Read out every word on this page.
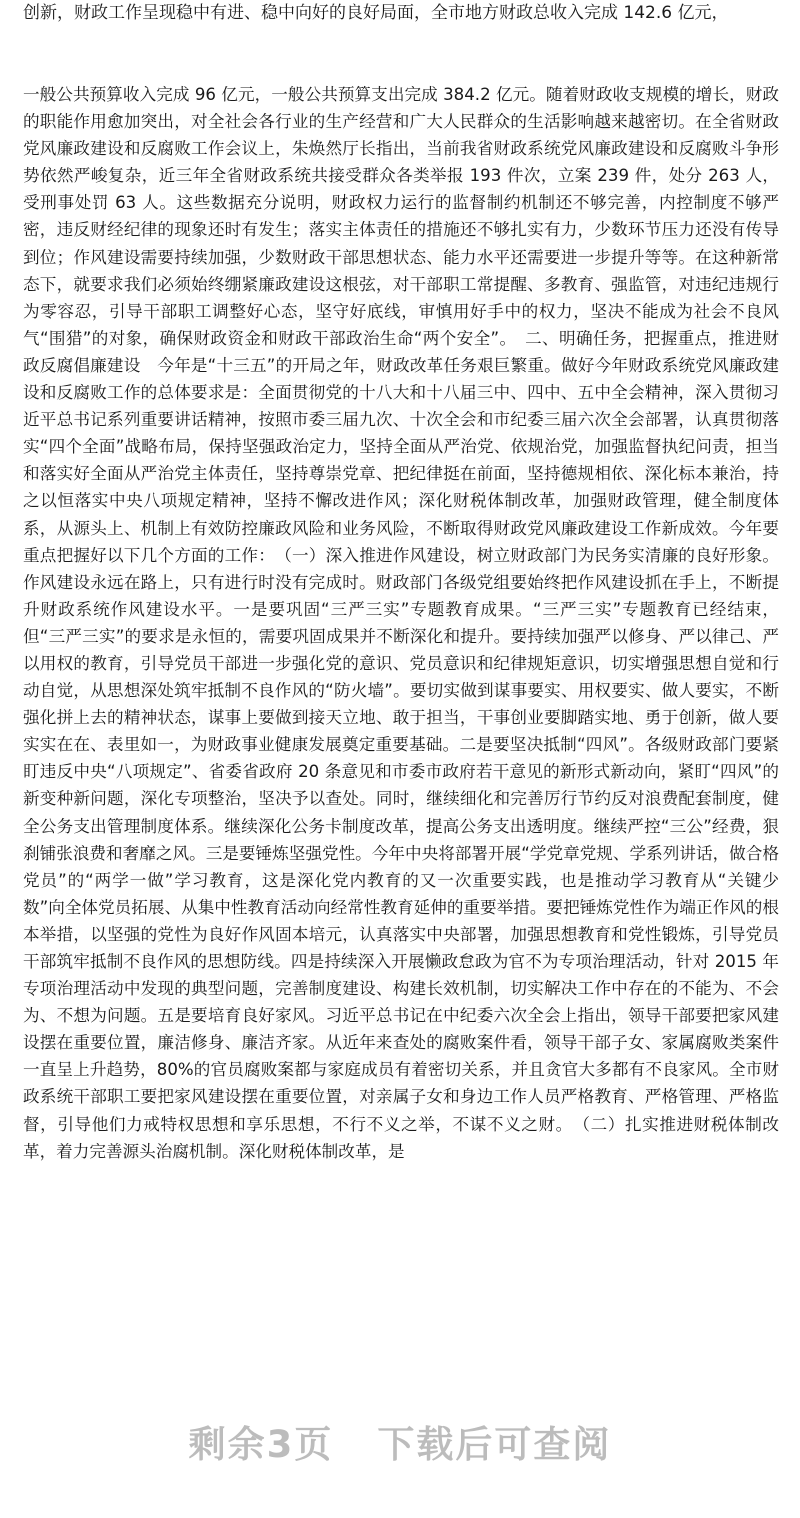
创新，财政工作呈现稳中有进、稳中向好的良好局面，全市地方财政总收入完成 142.6 亿元，
一般公共预算收入完成 96 亿元，一般公共预算支出完成 384.2 亿元。随着财政收支规模的增长，财政的职能作用愈加突出，对全社会各行业的生产经营和广大人民群众的生活影响越来越密切。在全省财政党风廉政建设和反腐败工作会议上，朱焕然厅长指出，当前我省财政系统党风廉政建设和反腐败斗争形势依然严峻复杂，近三年全省财政系统共接受群众各类举报 193 件次，立案 239 件，处分 263 人，受刑事处罚 63 人。这些数据充分说明，财政权力运行的监督制约机制还不够完善，内控制度不够严密，违反财经纪律的现象还时有发生；落实主体责任的措施还不够扎实有力，少数环节压力还没有传导到位；作风建设需要持续加强，少数财政干部思想状态、能力水平还需要进一步提升等等。在这种新常态下，就要求我们必须始终绷紧廉政建设这根弦，对干部职工常提醒、多教育、强监管，对违纪违规行为零容忍，引导干部职工调整好心态，坚守好底线，审慎用好手中的权力，坚决不能成为社会不良风气“围猎”的对象，确保财政资金和财政干部政治生命“两个安全”。　二、明确任务，把握重点，推进财政反腐倡廉建设　今年是“十三五”的开局之年，财政改革任务艰巨繁重。做好今年财政系统党风廉政建设和反腐败工作的总体要求是：全面贯彻党的十八大和十八届三中、四中、五中全会精神，深入贯彻习近平总书记系列重要讲话精神，按照市委三届九次、十次全会和市纪委三届六次全会部署，认真贯彻落实“四个全面”战略布局，保持坚强政治定力，坚持全面从严治党、依规治党，加强监督执纪问责，担当和落实好全面从严治党主体责任，坚持尊崇党章、把纪律挺在前面，坚持德规相依、深化标本兼治，持之以恒落实中央八项规定精神，坚持不懈改进作风；深化财税体制改革，加强财政管理，健全制度体系，从源头上、机制上有效防控廉政风险和业务风险，不断取得财政党风廉政建设工作新成效。今年要重点把握好以下几个方面的工作：　（一）深入推进作风建设，树立财政部门为民务实清廉的良好形象。作风建设永远在路上，只有进行时没有完成时。财政部门各级党组要始终把作风建设抓在手上，不断提升财政系统作风建设水平。一是要巩固“三严三实”专题教育成果。“三严三实”专题教育已经结束，但“三严三实”的要求是永恒的，需要巩固成果并不断深化和提升。要持续加强严以修身、严以律己、严以用权的教育，引导党员干部进一步强化党的意识、党员意识和纪律规矩意识，切实增强思想自觉和行动自觉，从思想深处筑牢抵制不良作风的“防火墙”。要切实做到谋事要实、用权要实、做人要实，不断强化拼上去的精神状态，谋事上要做到接天立地、敢于担当，干事创业要脚踏实地、勇于创新，做人要实实在在、表里如一，为财政事业健康发展奠定重要基础。二是要坚决抵制“四风”。各级财政部门要紧盯违反中央“八项规定”、省委省政府 20 条意见和市委市政府若干意见的新形式新动向，紧盯“四风”的新变种新问题，深化专项整治，坚决予以查处。同时，继续细化和完善厉行节约反对浪费配套制度，健全公务支出管理制度体系。继续深化公务卡制度改革，提高公务支出透明度。继续严控“三公”经费，狠刹铺张浪费和奢靡之风。三是要锤炼坚强党性。今年中央将部署开展“学党章党规、学系列讲话，做合格党员”的“两学一做”学习教育，这是深化党内教育的又一次重要实践，也是推动学习教育从“关键少数”向全体党员拓展、从集中性教育活动向经常性教育延伸的重要举措。要把锤炼党性作为端正作风的根本举措，以坚强的党性为良好作风固本培元，认真落实中央部署，加强思想教育和党性锻炼，引导党员干部筑牢抵制不良作风的思想防线。四是持续深入开展懒政怠政为官不为专项治理活动，针对 2015 年专项治理活动中发现的典型问题，完善制度建设、构建长效机制，切实解决工作中存在的不能为、不会为、不想为问题。五是要培育良好家风。习近平总书记在中纪委六次全会上指出，领导干部要把家风建设摆在重要位置，廉洁修身、廉洁齐家。从近年来查处的腐败案件看，领导干部子女、家属腐败类案件一直呈上升趋势，80%的官员腐败案都与家庭成员有着密切关系，并且贪官大多都有不良家风。全市财政系统干部职工要把家风建设摆在重要位置，对亲属子女和身边工作人员严格教育、严格管理、严格监督，引导他们力戒特权思想和享乐思想，不行不义之举，不谋不义之财。　（二）扎实推进财税体制改革，着力完善源头治腐机制。深化财税体制改革，是
剩余3页 下载后可查阅
